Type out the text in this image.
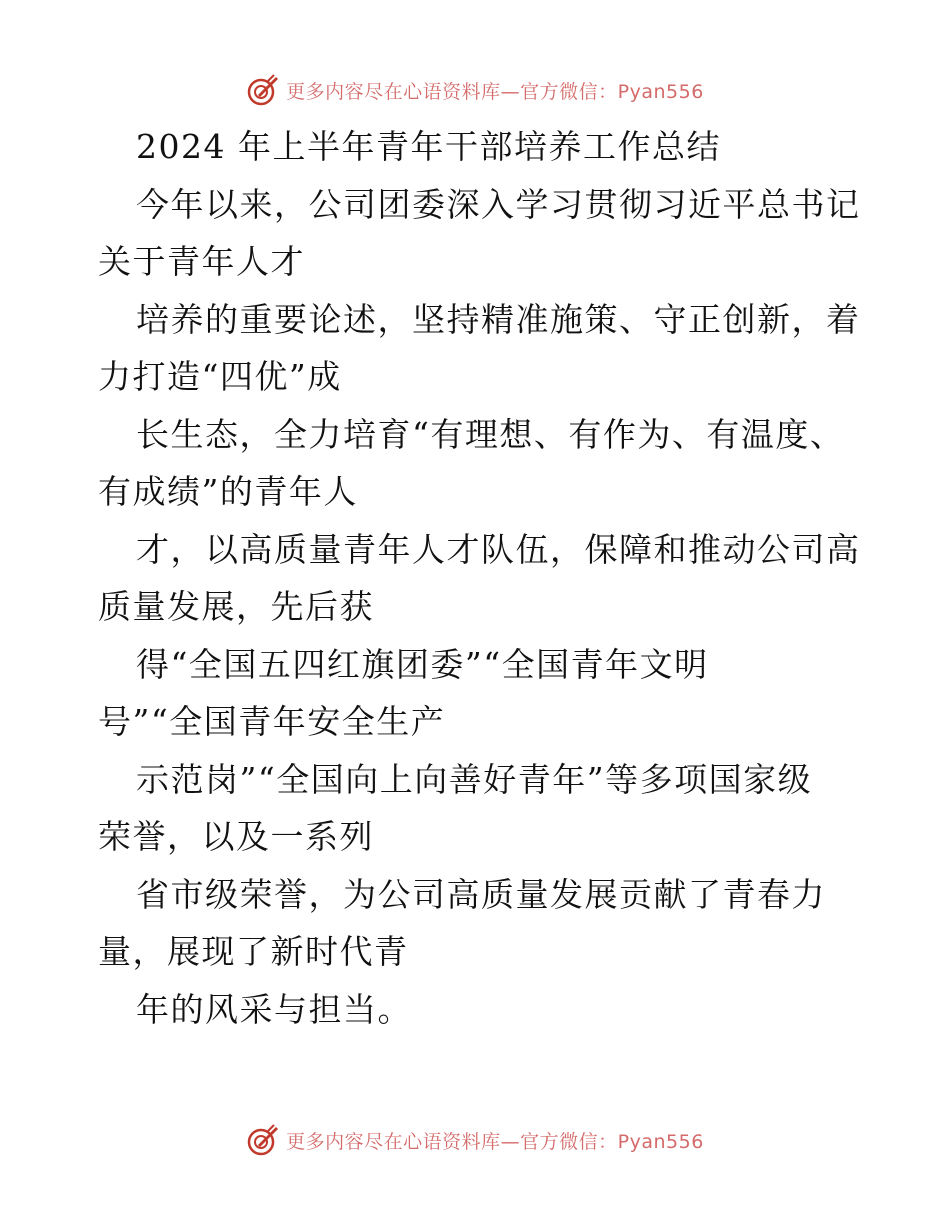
更多内容尽在心语资料库—官方微信：Pyan556
2024 年上半年青年干部培养工作总结
今年以来，公司团委深入学习贯彻习近平总书记
关于青年人才
培养的重要论述，坚持精准施策、守正创新，着
力打造“四优”成
长生态，全力培育“有理想、有作为、有温度、
有成绩”的青年人
才，以高质量青年人才队伍，保障和推动公司高
质量发展，先后获
得“全国五四红旗团委”“全国青年文明
号”“全国青年安全生产
示范岗”“全国向上向善好青年”等多项国家级
荣誉，以及一系列
省市级荣誉，为公司高质量发展贡献了青春力
量，展现了新时代青
年的风采与担当。
更多内容尽在心语资料库—官方微信：Pyan556
